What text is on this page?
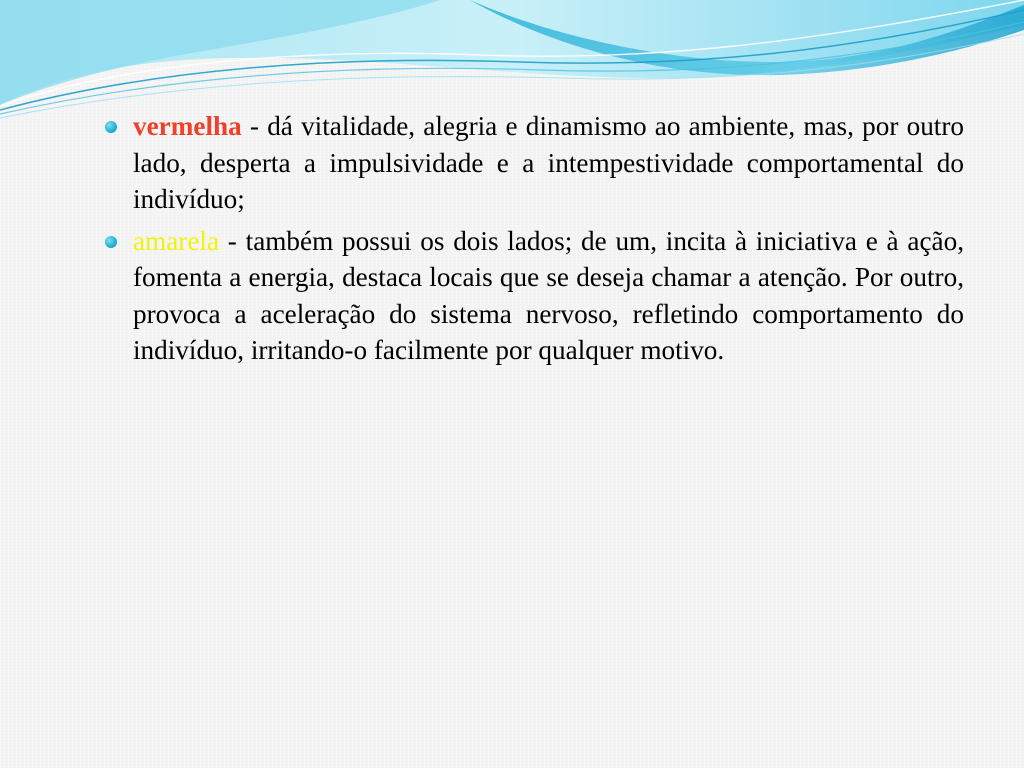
vermelha - dá vitalidade, alegria e dinamismo ao ambiente, mas, por outro lado, desperta a impulsividade e a intempestividade comportamental do indivíduo;
amarela - também possui os dois lados; de um, incita à iniciativa e à ação, fomenta a energia, destaca locais que se deseja chamar a atenção. Por outro, provoca a aceleração do sistema nervoso, refletindo comportamento do indivíduo, irritando-o facilmente por qualquer motivo.
